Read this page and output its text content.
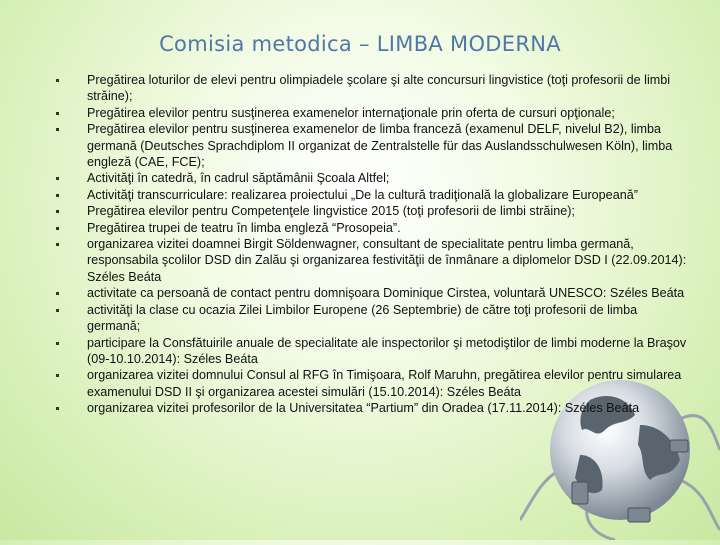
Comisia metodica – LIMBA MODERNA
Pregătirea loturilor de elevi pentru olimpiadele şcolare şi alte concursuri lingvistice (toţi profesorii de limbi străine);
Pregătirea elevilor pentru susţinerea examenelor internaţionale prin oferta de cursuri opţionale;
Pregătirea elevilor pentru susţinerea examenelor de limba franceză (examenul DELF, nivelul B2), limba germană (Deutsches Sprachdiplom II organizat de Zentralstelle für das Auslandsschulwesen Köln), limba engleză (CAE, FCE);
Activităţi în catedră, în cadrul săptămânii Şcoala Altfel;
Activităţi transcurriculare: realizarea proiectului „De la cultură tradiţională la globalizare Europeană”
Pregătirea elevilor pentru Competenţele lingvistice 2015 (toţi profesorii de limbi străine);
Pregătirea trupei de teatru în limba engleză “Prosopeia”.
organizarea vizitei doamnei Birgit Söldenwagner, consultant de specialitate pentru limba germană, responsabila şcolilor DSD din Zalău şi organizarea festivităţii de înmânare a diplomelor DSD I (22.09.2014): Széles Beáta
activitate ca persoană de contact pentru domnişoara Dominique Cirstea, voluntară UNESCO: Széles Beáta
activităţi la clase cu ocazia Zilei Limbilor Europene (26 Septembrie) de către toţi profesorii de limba germană;
participare la Consfătuirile anuale de specialitate ale inspectorilor şi metodiştilor de limbi moderne la Braşov (09-10.10.2014): Széles Beáta
organizarea vizitei domnului Consul al RFG în Timişoara, Rolf Maruhn, pregătirea elevilor pentru simularea examenului DSD II şi organizarea acestei simulări (15.10.2014): Széles Beáta
organizarea vizitei profesorilor de la Universitatea “Partium” din Oradea (17.11.2014): Széles Beáta
